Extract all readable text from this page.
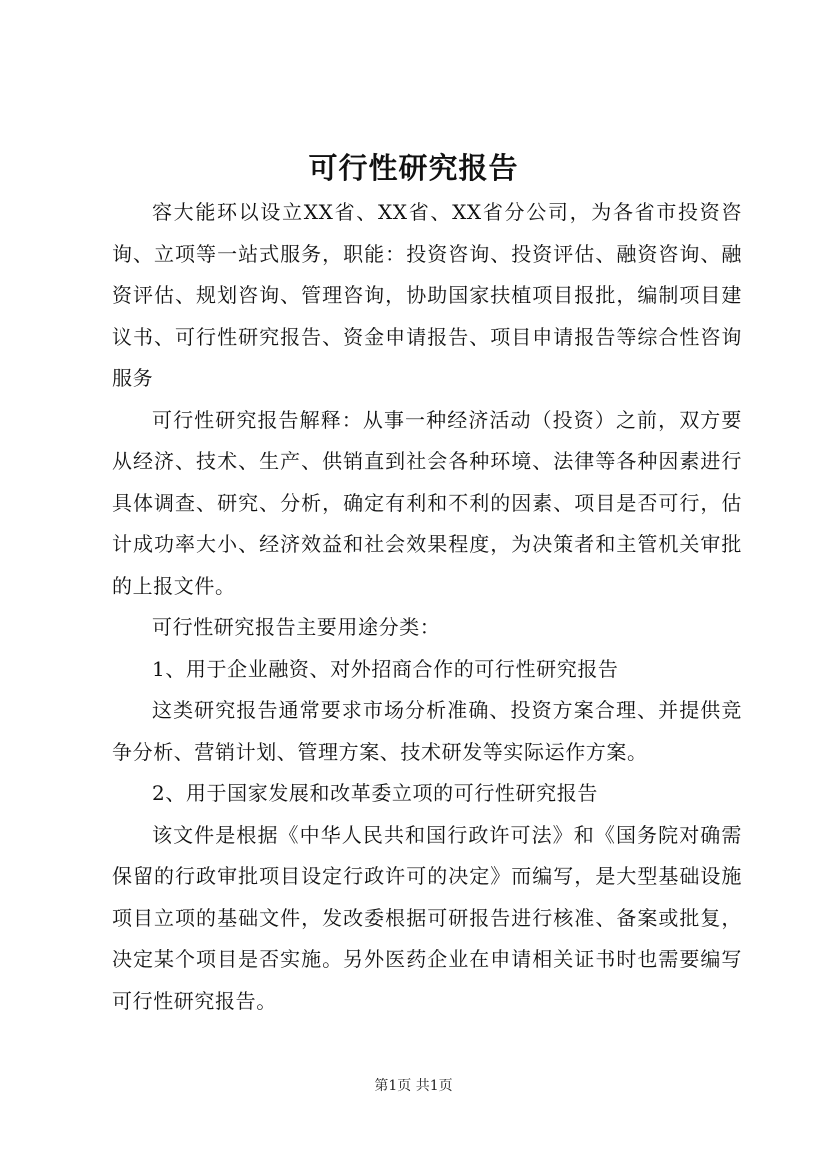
可行性研究报告

容大能环以设立XX省、XX省、XX省分公司，为各省市投资咨询、立项等一站式服务，职能：投资咨询、投资评估、融资咨询、融资评估、规划咨询、管理咨询，协助国家扶植项目报批，编制项目建议书、可行性研究报告、资金申请报告、项目申请报告等综合性咨询服务

可行性研究报告解释：从事一种经济活动（投资）之前，双方要从经济、技术、生产、供销直到社会各种环境、法律等各种因素进行具体调查、研究、分析，确定有利和不利的因素、项目是否可行，估计成功率大小、经济效益和社会效果程度，为决策者和主管机关审批的上报文件。

可行性研究报告主要用途分类：

1、用于企业融资、对外招商合作的可行性研究报告

这类研究报告通常要求市场分析准确、投资方案合理、并提供竞争分析、营销计划、管理方案、技术研发等实际运作方案。

2、用于国家发展和改革委立项的可行性研究报告

该文件是根据《中华人民共和国行政许可法》和《国务院对确需保留的行政审批项目设定行政许可的决定》而编写，是大型基础设施项目立项的基础文件，发改委根据可研报告进行核准、备案或批复，决定某个项目是否实施。另外医药企业在申请相关证书时也需要编写可行性研究报告。

第1页 共1页
